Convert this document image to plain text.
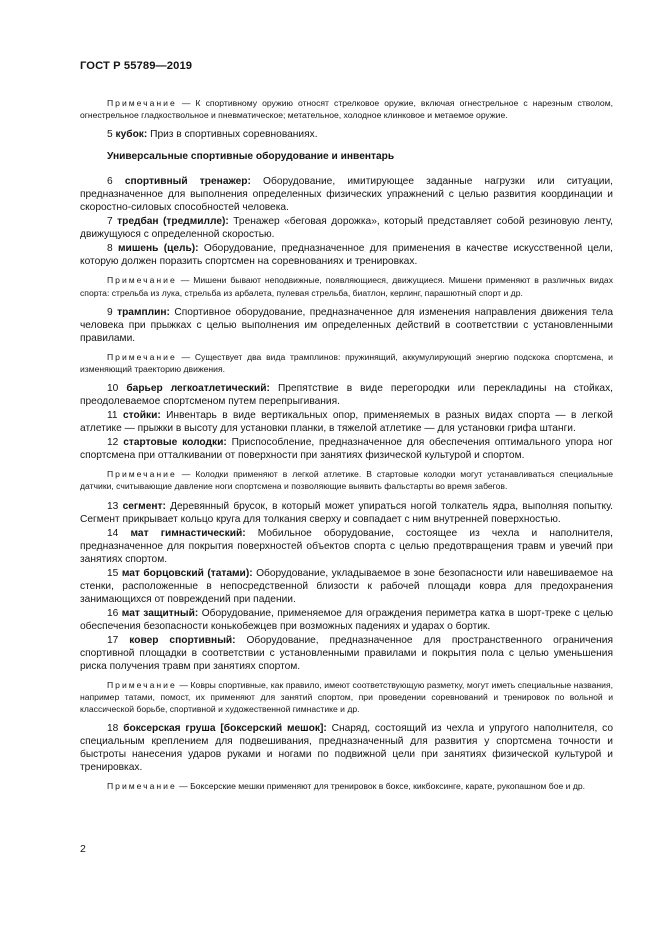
ГОСТ Р 55789—2019
Примечание — К спортивному оружию относят стрелковое оружие, включая огнестрельное с нарезным стволом, огнестрельное гладкоствольное и пневматическое; метательное, холодное клинковое и метаемое оружие.
5 кубок: Приз в спортивных соревнованиях.
Универсальные спортивные оборудование и инвентарь
6 спортивный тренажер: Оборудование, имитирующее заданные нагрузки или ситуации, предназначенное для выполнения определенных физических упражнений с целью развития координации и скоростно-силовых способностей человека.
7 тредбан (тредмилле): Тренажер «беговая дорожка», который представляет собой резиновую ленту, движущуюся с определенной скоростью.
8 мишень (цель): Оборудование, предназначенное для применения в качестве искусственной цели, которую должен поразить спортсмен на соревнованиях и тренировках.
Примечание — Мишени бывают неподвижные, появляющиеся, движущиеся. Мишени применяют в различных видах спорта: стрельба из лука, стрельба из арбалета, пулевая стрельба, биатлон, керлинг, парашютный спорт и др.
9 трамплин: Спортивное оборудование, предназначенное для изменения направления движения тела человека при прыжках с целью выполнения им определенных действий в соответствии с установленными правилами.
Примечание — Существует два вида трамплинов: пружинящий, аккумулирующий энергию подскока спортсмена, и изменяющий траекторию движения.
10 барьер легкоатлетический: Препятствие в виде перегородки или перекладины на стойках, преодолеваемое спортсменом путем перепрыгивания.
11 стойки: Инвентарь в виде вертикальных опор, применяемых в разных видах спорта — в легкой атлетике — прыжки в высоту для установки планки, в тяжелой атлетике — для установки грифа штанги.
12 стартовые колодки: Приспособление, предназначенное для обеспечения оптимального упора ног спортсмена при отталкивании от поверхности при занятиях физической культурой и спортом.
Примечание — Колодки применяют в легкой атлетике. В стартовые колодки могут устанавливаться специальные датчики, считывающие давление ноги спортсмена и позволяющие выявить фальстарты во время забегов.
13 сегмент: Деревянный брусок, в который может упираться ногой толкатель ядра, выполняя попытку. Сегмент прикрывает кольцо круга для толкания сверху и совпадает с ним внутренней поверхностью.
14 мат гимнастический: Мобильное оборудование, состоящее из чехла и наполнителя, предназначенное для покрытия поверхностей объектов спорта с целью предотвращения травм и увечий при занятиях спортом.
15 мат борцовский (татами): Оборудование, укладываемое в зоне безопасности или навешиваемое на стенки, расположенные в непосредственной близости к рабочей площади ковра для предохранения занимающихся от повреждений при падении.
16 мат защитный: Оборудование, применяемое для ограждения периметра катка в шорт-треке с целью обеспечения безопасности конькобежцев при возможных падениях и ударах о бортик.
17 ковер спортивный: Оборудование, предназначенное для пространственного ограничения спортивной площадки в соответствии с установленными правилами и покрытия пола с целью уменьшения риска получения травм при занятиях спортом.
Примечание — Ковры спортивные, как правило, имеют соответствующую разметку, могут иметь специальные названия, например татами, помост, их применяют для занятий спортом, при проведении соревнований и тренировок по вольной и классической борьбе, спортивной и художественной гимнастике и др.
18 боксерская груша [боксерский мешок]: Снаряд, состоящий из чехла и упругого наполнителя, со специальным креплением для подвешивания, предназначенный для развития у спортсмена точности и быстроты нанесения ударов руками и ногами по подвижной цели при занятиях физической культурой и тренировках.
Примечание — Боксерские мешки применяют для тренировок в боксе, кикбоксинге, карате, рукопашном бое и др.
2
